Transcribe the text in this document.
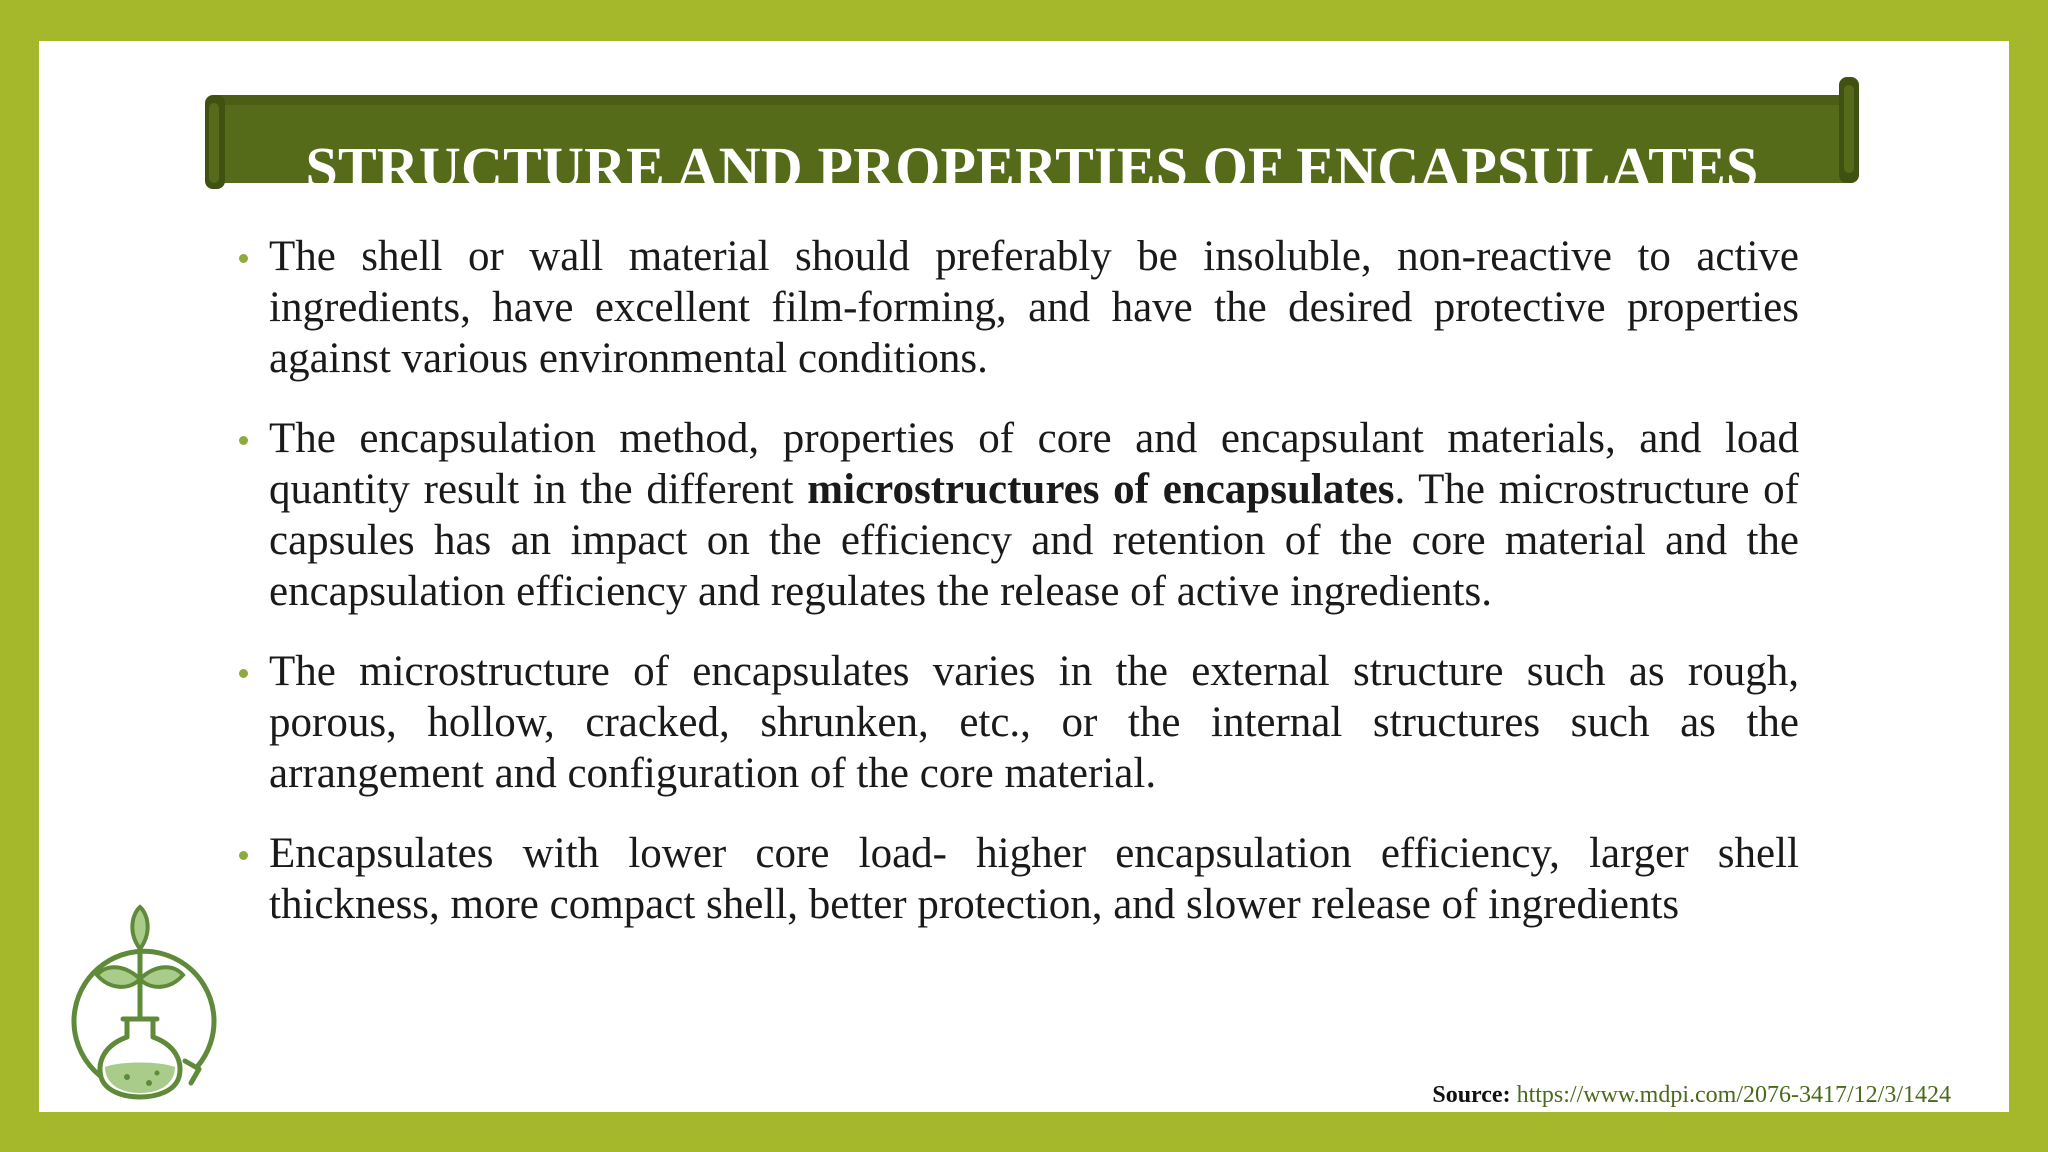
STRUCTURE AND PROPERTIES OF ENCAPSULATES
The shell or wall material should preferably be insoluble, non-reactive to active ingredients, have excellent film-forming, and have the desired protective properties against various environmental conditions.
The encapsulation method, properties of core and encapsulant materials, and load quantity result in the different microstructures of encapsulates. The microstructure of capsules has an impact on the efficiency and retention of the core material and the encapsulation efficiency and regulates the release of active ingredients.
The microstructure of encapsulates varies in the external structure such as rough, porous, hollow, cracked, shrunken, etc., or the internal structures such as the arrangement and configuration of the core material.
Encapsulates with lower core load- higher encapsulation efficiency, larger shell thickness, more compact shell, better protection, and slower release of ingredients
Source: https://www.mdpi.com/2076-3417/12/3/1424
